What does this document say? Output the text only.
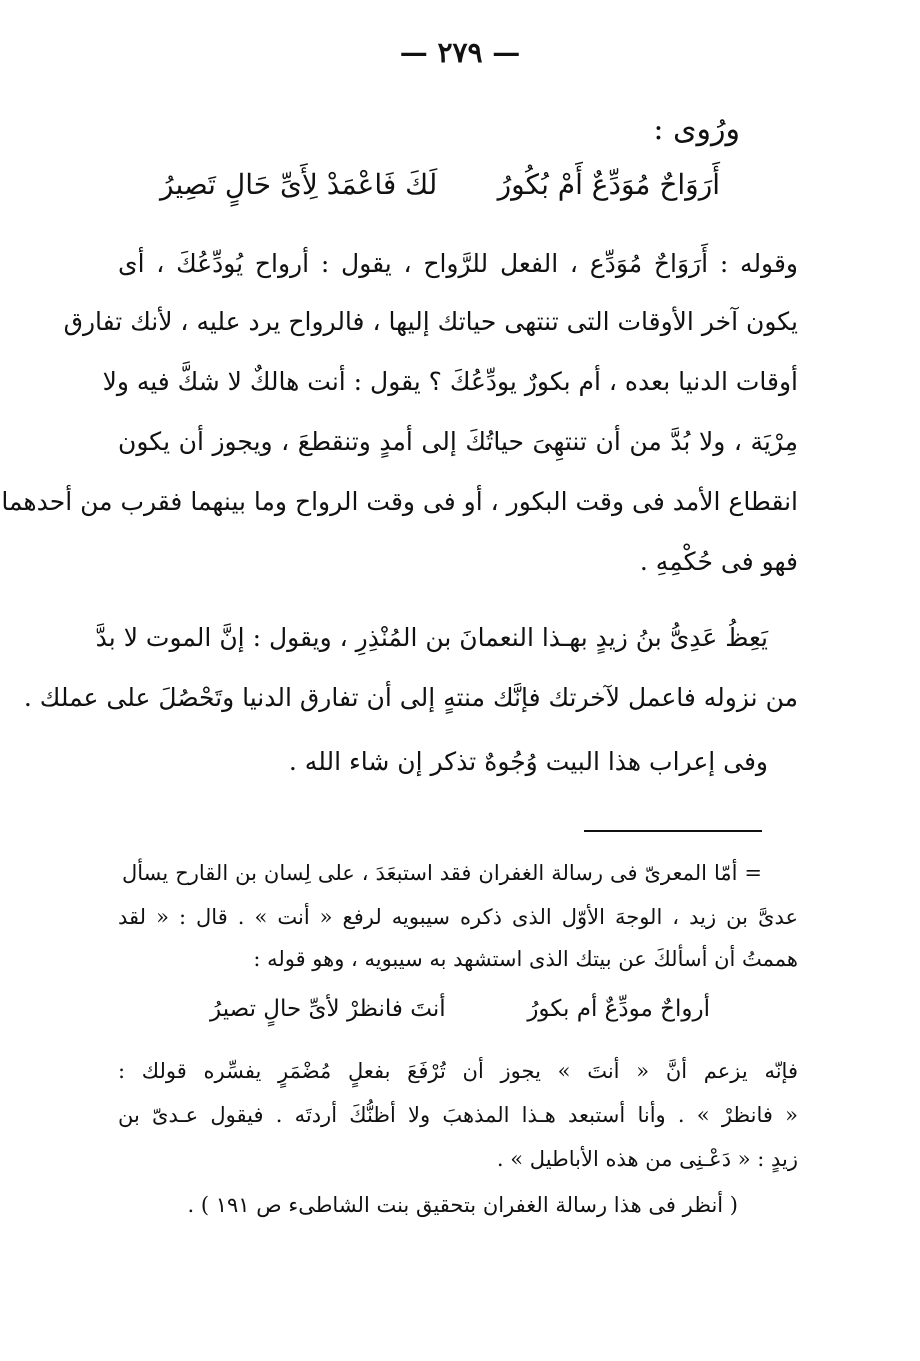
— ٢٧٩ —
ورُوى :
أَرَوَاحٌ مُوَدِّعٌ أَمْ بُكُورُ
لَكَ فَاعْمَدْ لِأَىِّ حَالٍ تَصِيرُ
وقوله : أَرَوَاحٌ مُوَدِّع ، الفعل للرَّواح ، يقول : أرواح يُودِّعُكَ ، أى
يكون آخر الأوقات التى تنتهى حياتك إليها ، فالرواح يرد عليه ، لأنك تفارق
أوقات الدنيا بعده ، أم بكورٌ يودِّعُكَ ؟ يقول : أنت هالكٌ لا شكَّ فيه ولا
مِرْيَة ، ولا بُدَّ من أن تنتهِىَ حياتُكَ إلى أمدٍ وتنقطعَ ، ويجوز أن يكون
انقطاع الأمد فى وقت البكور ، أو فى وقت الرواح وما بينهما فقرب من أحدهما
فهو فى حُكْمِهِ .
يَعِظُ عَدِىُّ بنُ زيدٍ بهـذا النعمانَ بن المُنْذِرِ ، ويقول : إنَّ الموت لا بدَّ
من نزوله فاعمل لآخرتك فإنَّك منتهٍ إلى أن تفارق الدنيا وتَحْصُلَ على عملك .
وفى إعراب هذا البيت وُجُوهٌ تذكر إن شاء الله .
= أمّا المعرىّ فى رسالة الغفران فقد استبعَدَ ، على لِسان بن القارح يسأل
عدىَّ بن زيد ، الوجهَ الأوّل الذى ذكره سيبويه لرفع « أنت » . قال : « لقد
هممتُ أن أسألكَ عن بيتك الذى استشهد به سيبويه ، وهو قوله :
أرواحٌ مودِّعٌ أم بكورُ
أنتَ فانظرْ لأىِّ حالٍ تصيرُ
فإنّه يزعم أنَّ « أنتَ » يجوز أن تُرْفَعَ بفعلٍ مُضْمَرٍ يفسِّره قولك :
« فانظرْ » . وأنا أستبعد هـذا المذهبَ ولا أظنُّكَ أردتَه . فيقول عـدىّ بن
زيدٍ : « دَعْـنِى من هذه الأباطيل » .
( أنظر فى هذا رسالة الغفران بتحقيق بنت الشاطىء ص ١٩١ ) .
